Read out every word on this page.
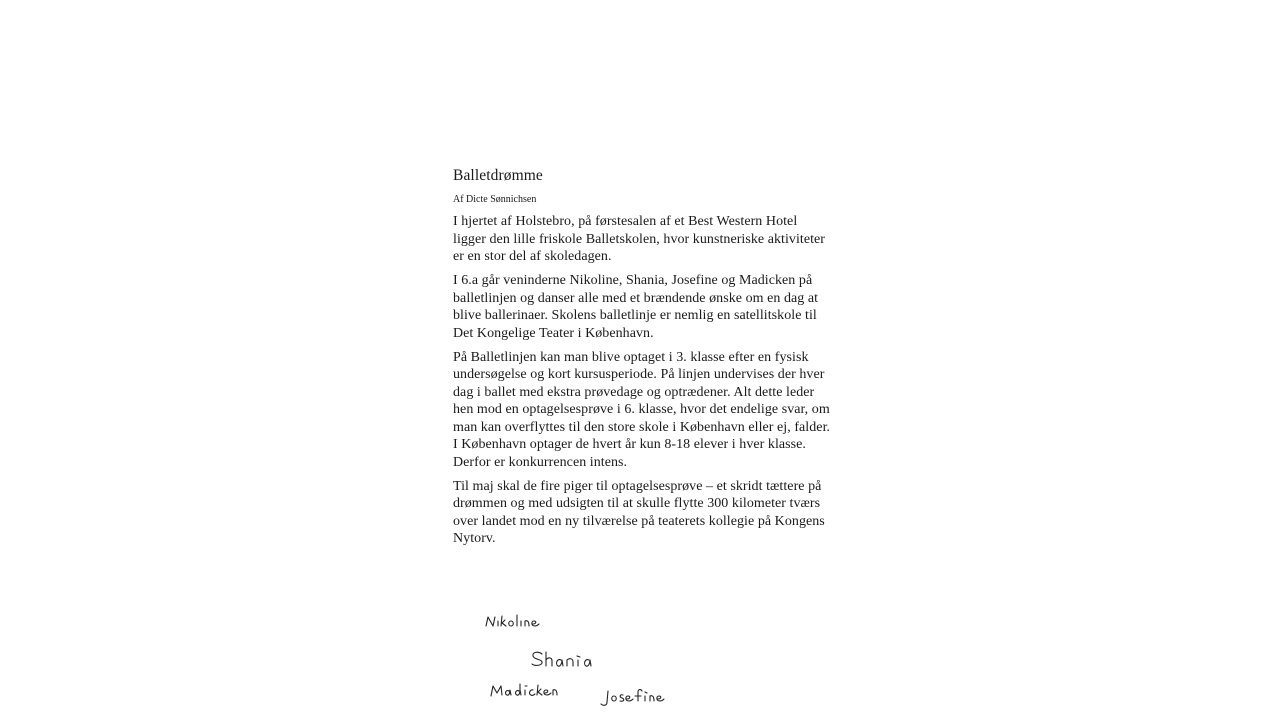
Balletdrømme

Af Dicte Sønnichsen

I hjertet af Holstebro, på førstesalen af et Best Western Hotel ligger den lille friskole Balletskolen, hvor kunstneriske aktiviteter er en stor del af skoledagen.

I 6.a går veninderne Nikoline, Shania, Josefine og Madicken på balletlinjen og danser alle med et brændende ønske om en dag at blive ballerinaer. Skolens balletlinje er nemlig en satellitskole til Det Kongelige Teater i København.

På Balletlinjen kan man blive optaget i 3. klasse efter en fysisk undersøgelse og kort kursusperiode. På linjen undervises der hver dag i ballet med ekstra prøvedage og optrædener. Alt dette leder hen mod en optagelsesprøve i 6. klasse, hvor det endelige svar, om man kan overflyttes til den store skole i København eller ej, falder. I København optager de hvert år kun 8-18 elever i hver klasse. Derfor er konkurrencen intens.

Til maj skal de fire piger til optagelsesprøve – et skridt tættere på drømmen og med udsigten til at skulle flytte 300 kilometer tværs over landet mod en ny tilværelse på teaterets kollegie på Kongens Nytorv.
